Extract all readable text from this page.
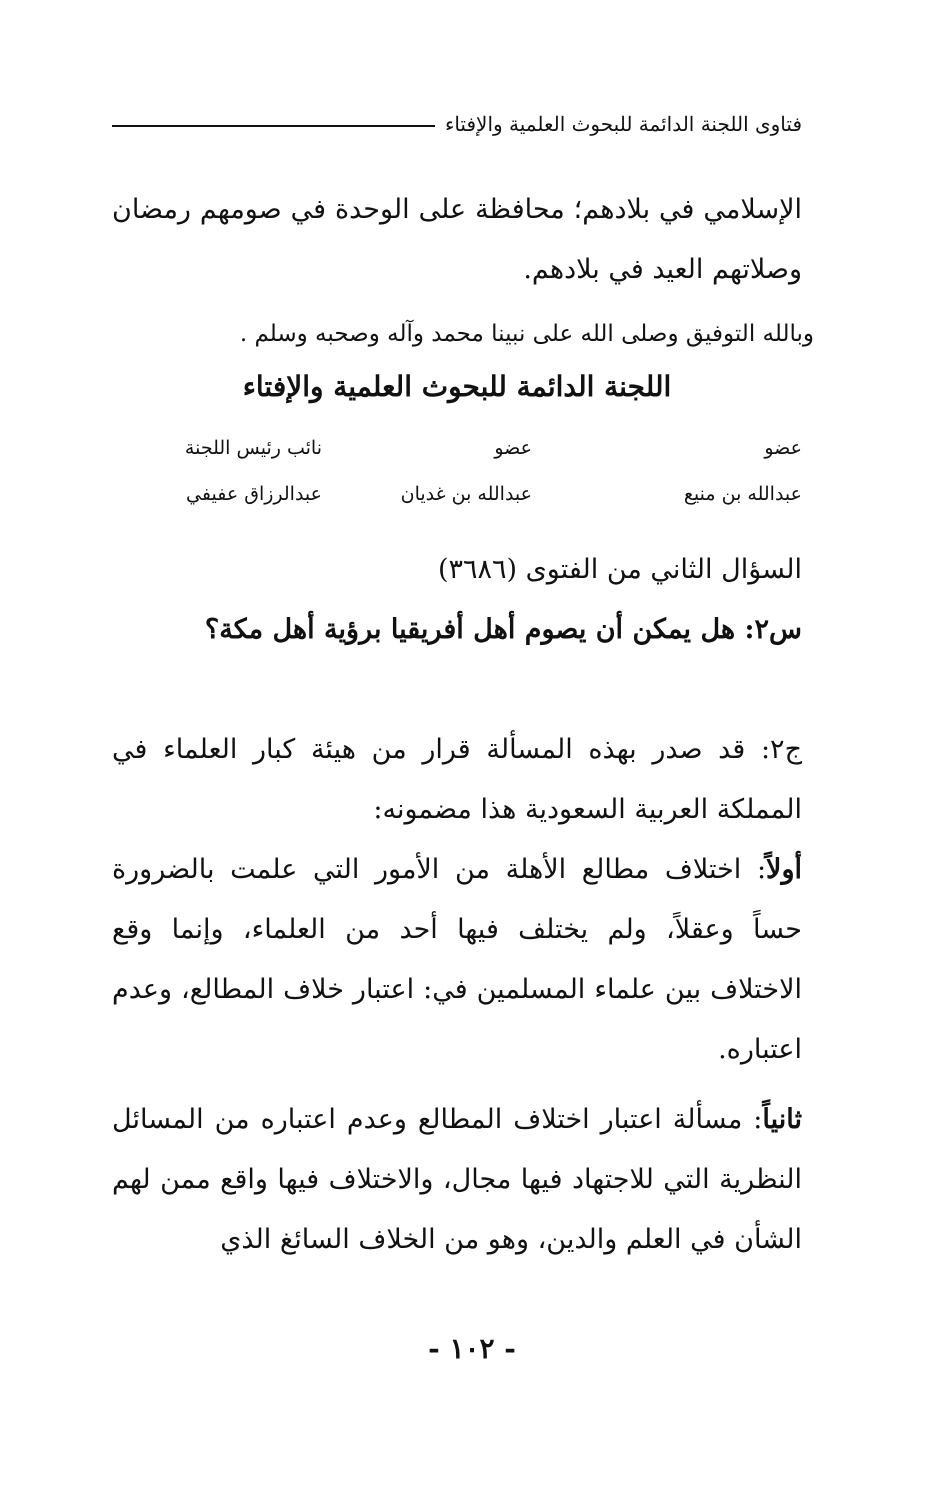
فتاوى اللجنة الدائمة للبحوث العلمية والإفتاء

الإسلامي في بلادهم؛ محافظة على الوحدة في صومهم رمضان وصلاتهم العيد في بلادهم.

وبالله التوفيق وصلى الله على نبينا محمد وآله وصحبه وسلم .

اللجنة الدائمة للبحوث العلمية والإفتاء

عضو
عبدالله بن منيع
عضو
عبدالله بن غديان
نائب رئيس اللجنة
عبدالرزاق عفيفي

السؤال الثاني من الفتوى (٣٦٨٦)

س٢: هل يمكن أن يصوم أهل أفريقيا برؤية أهل مكة؟

ج٢: قد صدر بهذه المسألة قرار من هيئة كبار العلماء في المملكة العربية السعودية هذا مضمونه:

أولاً: اختلاف مطالع الأهلة من الأمور التي علمت بالضرورة حساً وعقلاً، ولم يختلف فيها أحد من العلماء، وإنما وقع الاختلاف بين علماء المسلمين في: اعتبار خلاف المطالع، وعدم اعتباره.

ثانياً: مسألة اعتبار اختلاف المطالع وعدم اعتباره من المسائل النظرية التي للاجتهاد فيها مجال، والاختلاف فيها واقع ممن لهم الشأن في العلم والدين، وهو من الخلاف السائغ الذي

- ١٠٢ -
